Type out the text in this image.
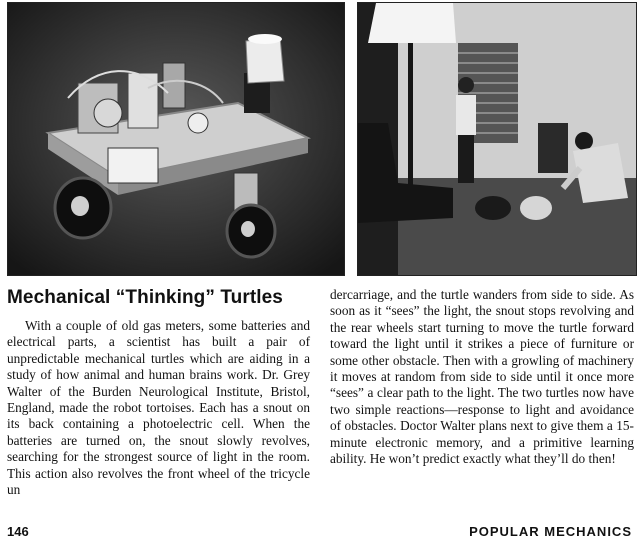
Mechanical “Thinking” Turtles
With a couple of old gas meters, some batteries and electrical parts, a scientist has built a pair of unpredictable mechanical turtles which are aiding in a study of how animal and human brains work. Dr. Grey Walter of the Burden Neurological Institute, Bristol, England, made the robot tortoises. Each has a snout on its back containing a photoelectric cell. When the batteries are turned on, the snout slowly revolves, searching for the strongest source of light in the room. This action also revolves the front wheel of the tricycle un
dercarriage, and the turtle wanders from side to side. As soon as it “sees” the light, the snout stops revolving and the rear wheels start turning to move the turtle forward toward the light until it strikes a piece of furniture or some other obstacle. Then with a growling of machinery it moves at random from side to side until it once more “sees” a clear path to the light. The two turtles now have two simple reactions—response to light and avoidance of obstacles. Doctor Walter plans next to give them a 15-minute electronic memory, and a primitive learning ability. He won’t predict exactly what they’ll do then!
146	POPULAR MECHANICS
